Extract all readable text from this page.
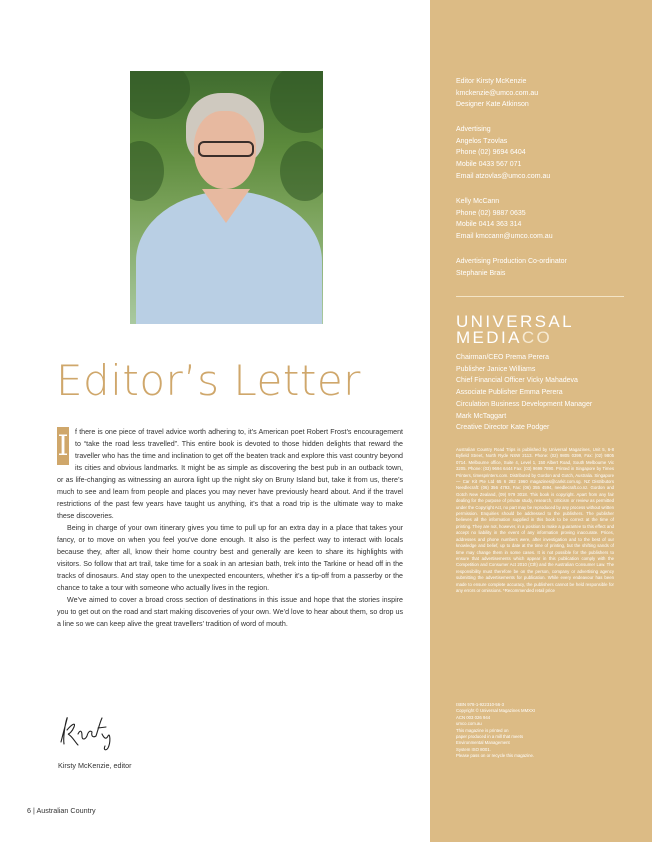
Editor’s Letter

I f there is one piece of travel advice worth adhering to, it’s American poet Robert Frost’s encouragement to “take the road less travelled”. This entire book is devoted to those hidden delights that reward the traveller who has the time and inclination to get off the beaten track and explore this vast country beyond its cities and obvious landmarks. It might be as simple as discovering the best pub in an outback town, or as life-changing as witnessing an aurora light up the night sky on Bruny Island but, take it from us, there’s much to see and learn from people and places you may never have previously heard about. And if the travel restrictions of the past few years have taught us anything, it’s that a road trip is the ultimate way to make these discoveries.

Being in charge of your own itinerary gives you time to pull up for an extra day in a place that takes your fancy, or to move on when you feel you’ve done enough. It also is the perfect way to interact with locals because they, after all, know their home country best and generally are keen to share its highlights with visitors. So follow that art trail, take time for a soak in an artesian bath, trek into the Tarkine or head off in the tracks of dinosaurs. And stay open to the unexpected encounters, whether it’s a tip-off from a passerby or the chance to take a tour with someone who actually lives in the region.

We’ve aimed to cover a broad cross section of destinations in this issue and hope that the stories inspire you to get out on the road and start making discoveries of your own. We’d love to hear about them, so drop us a line so we can keep alive the great travellers’ tradition of word of mouth.

Kirsty McKenzie, editor
6 | Australian Country
Editor Kirsty McKenzie
kmckenzie@umco.com.au
Designer Kate Atkinson
Advertising
Angelos Tzovlas
Phone (02) 9694 6404
Mobile 0433 567 071
Email atzovlas@umco.com.au
Kelly McCann
Phone (02) 9887 0635
Mobile 0414 363 314
Email kmccann@umco.com.au
Advertising Production Co-ordinator
Stephanie Brais
UNIVERSAL
MEDIACO
Chairman/CEO Prema Perera
Publisher Janice Williams
Chief Financial Officer Vicky Mahadeva
Associate Publisher Emma Perera
Circulation Business Development Manager
Mark McTaggart
Creative Director Kate Podger
Australian Country Road Trips is published by Universal Magazines, Unit 5, 6-8 Byfield Street, North Ryde NSW 2113. Phone: (02) 9805 0399, Fax: (02) 9805 0714. Melbourne office, Suite 4, Level 1, 150 Albert Road, South Melbourne Vic 3205. Phone: (03) 9694 6444 Fax: (03) 9699 7890. Printed in Singapore by Times Printers, timesprinters.com. Distributed by Gordon and Gotch, Australia. Singapore — Car Kit Pte Ltd 65 6 282 1960 magazines@carkit.com.sg. NZ Distributors Needlecraft: (06) 356 4793, Fax: (06) 355 4594, needlecraft.co.nz. Gordon and Gotch New Zealand, (09) 979 3018. This book is copyright. Apart from any fair dealing for the purpose of private study, research, criticism or review as permitted under the Copyright Act, no part may be reproduced by any process without written permission. Enquiries should be addressed to the publishers. The publisher believes all the information supplied in this book to be correct at the time of printing. They are not, however, in a position to make a guarantee to this effect and accept no liability in the event of any information proving inaccurate. Prices, addresses and phone numbers were, after investigation and to the best of our knowledge and belief, up to date at the time of printing, but the shifting sands of time may change them in some cases. It is not possible for the publishers to ensure that advertisements which appear in this publication comply with the Competition and Consumer Act 2010 (Cth) and the Australian Consumer Law. The responsibility must therefore be on the person, company or advertising agency submitting the advertisements for publication. While every endeavour has been made to ensure complete accuracy, the publishers cannot be held responsible for any errors or omissions. *Recommended retail price
ISBN 978-1-922310-56-3
Copyright © Universal Magazines MMXXI
ACN 003 026 944
umco.com.au
This magazine is printed on
paper produced in a mill that meets
Environmental Management
System ISO 8001.
Please pass on or recycle this magazine.
